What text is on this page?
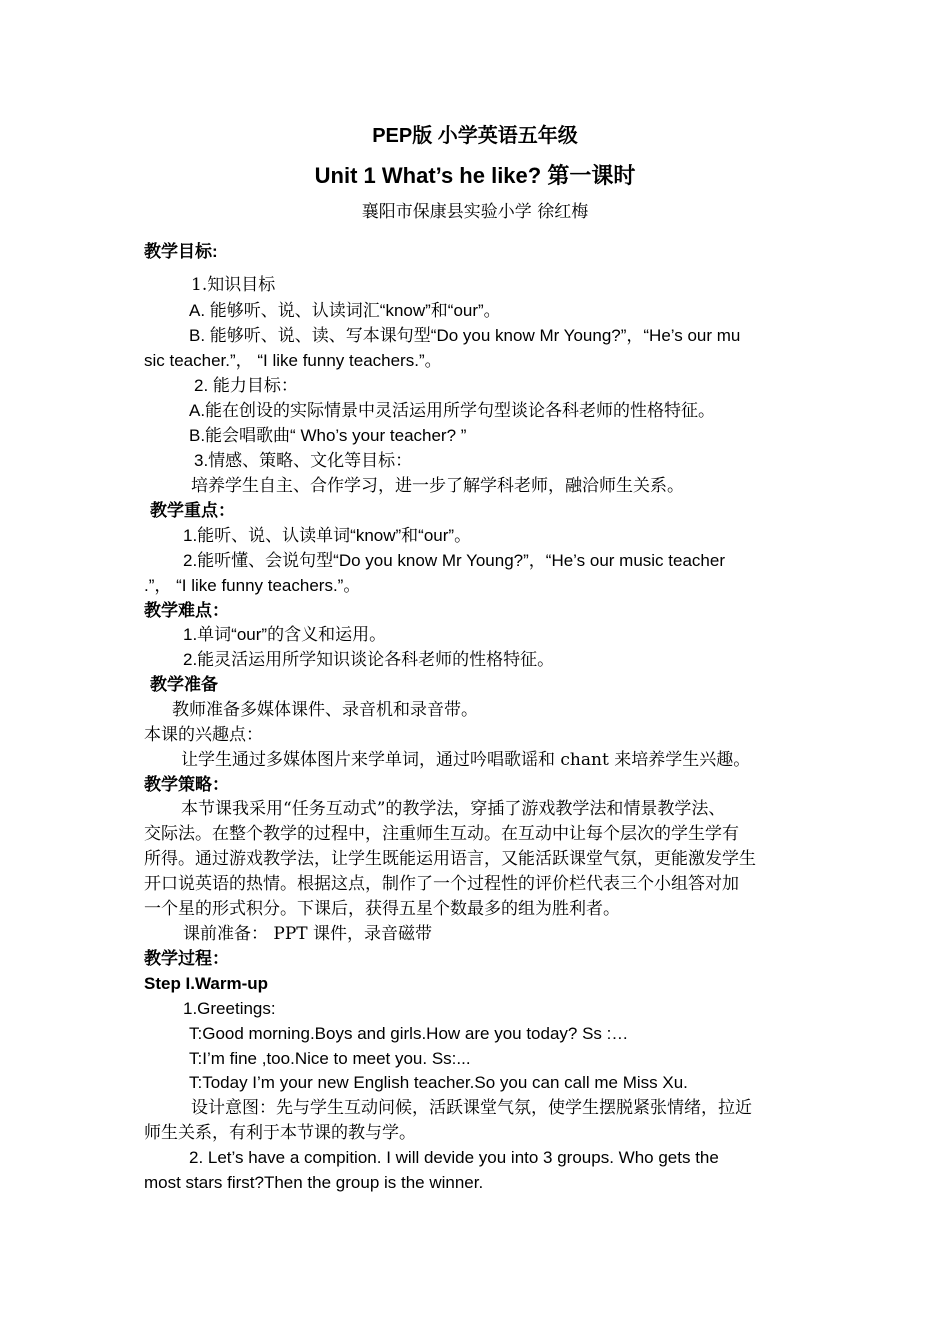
PEP版 小学英语五年级
Unit 1 What’s he like? 第一课时
襄阳市保康县实验小学 徐红梅
教学目标:
1.知识目标
A. 能够听、说、认读词汇“know”和“our”。
B. 能够听、说、读、写本课句型“Do you know Mr Young?”，“He’s our mu
sic teacher.”， “I like funny teachers.”。
2. 能力目标：
A.能在创设的实际情景中灵活运用所学句型谈论各科老师的性格特征。
B.能会唱歌曲“ Who’s your teacher? ”
3.情感、策略、文化等目标：
培养学生自主、合作学习，进一步了解学科老师，融洽师生关系。
教学重点：
1.能听、说、认读单词“know”和“our”。
2.能听懂、会说句型“Do you know Mr Young?”，“He’s our music teacher
.”， “I like funny teachers.”。
教学难点：
1.单词“our”的含义和运用。
2.能灵活运用所学知识谈论各科老师的性格特征。
教学准备
教师准备多媒体课件、录音机和录音带。
本课的兴趣点：
让学生通过多媒体图片来学单词，通过吟唱歌谣和 chant 来培养学生兴趣。
教学策略：
本节课我采用“任务互动式”的教学法，穿插了游戏教学法和情景教学法、
交际法。在整个教学的过程中，注重师生互动。在互动中让每个层次的学生学有
所得。通过游戏教学法，让学生既能运用语言，又能活跃课堂气氛，更能激发学生
开口说英语的热情。根据这点，制作了一个过程性的评价栏代表三个小组答对加
一个星的形式积分。下课后，获得五星个数最多的组为胜利者。
课前准备： PPT 课件，录音磁带
教学过程：
Step I.Warm-up
1.Greetings:
T:Good morning.Boys and girls.How are you today? Ss :…
T:I’m fine ,too.Nice to meet you. Ss:...
T:Today I’m your new English teacher.So you can call me Miss Xu.
设计意图：先与学生互动问候，活跃课堂气氛，使学生摆脱紧张情绪，拉近
师生关系，有利于本节课的教与学。
2. Let’s have a compition. I will devide you into 3 groups. Who gets the
most stars first?Then the group is the winner.
